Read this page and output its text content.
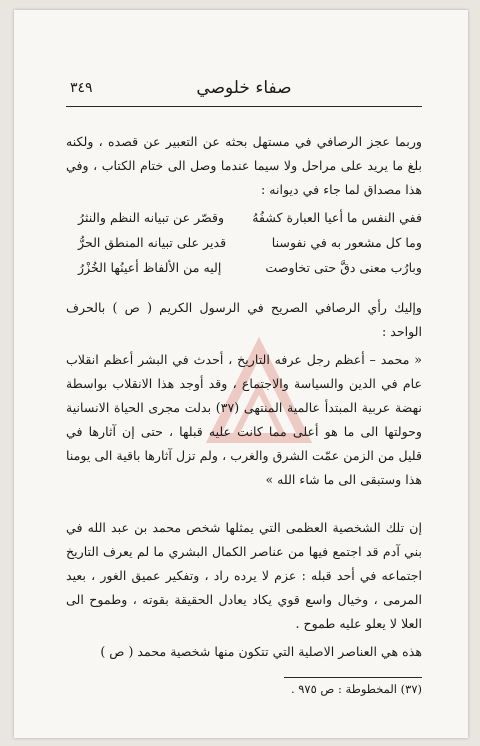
صفاء خلوصي
٣٤٩
وربما عجز الرصافي في مستهل بحثه عن التعبير عن قصده ، ولكنه بلغ ما يريد على مراحل ولا سيما عندما وصل الى ختام الكتاب ، وفي هذا مصداق لما جاء في ديوانه :
ففي النفس ما أعيا العبارة كشفُهُ
وقصّر عن تبيانه النظم والنثرُ
وما كل مشعور به في نفوسنا
قدير على تبيانه المنطق الحرُّ
وبارُب معنى دقَّ حتى تخاوصت
إليه من الألفاظ أعينُها الخُزْرُ
وإليك رأي الرصافي الصريح في الرسول الكريم ( ص ) بالحرف الواحد :
« محمد – أعظم رجل عرفه التاريخ ، أحدث في البشر أعظم انقلاب عام في الدين والسياسة والاجتماع ، وقد أوجد هذا الانقلاب بواسطة نهضة عربية المبتدأ عالمية المنتهى (٣٧) بدلت مجرى الحياة الانسانية وحولتها الى ما هو أعلى مما كانت عليه قبلها ، حتى إن آثارها في قليل من الزمن عمّت الشرق والغرب ، ولم تزل آثارها باقية الى يومنا هذا وستبقى الى ما شاء الله »
إن تلك الشخصية العظمى التي يمثلها شخص محمد بن عبد الله في بني آدم قد اجتمع فيها من عناصر الكمال البشري ما لم يعرف التاريخ اجتماعه في أحد قبله : عزم لا يرده راد ، وتفكير عميق الغور ، بعيد المرمى ، وخيال واسع قوي يكاد يعادل الحقيقة بقوته ، وطموح الى العلا لا يعلو عليه طموح .
هذه هي العناصر الاصلية التي تتكون منها شخصية محمد ( ص )
(٣٧) المخطوطة : ص ٩٧٥ .
